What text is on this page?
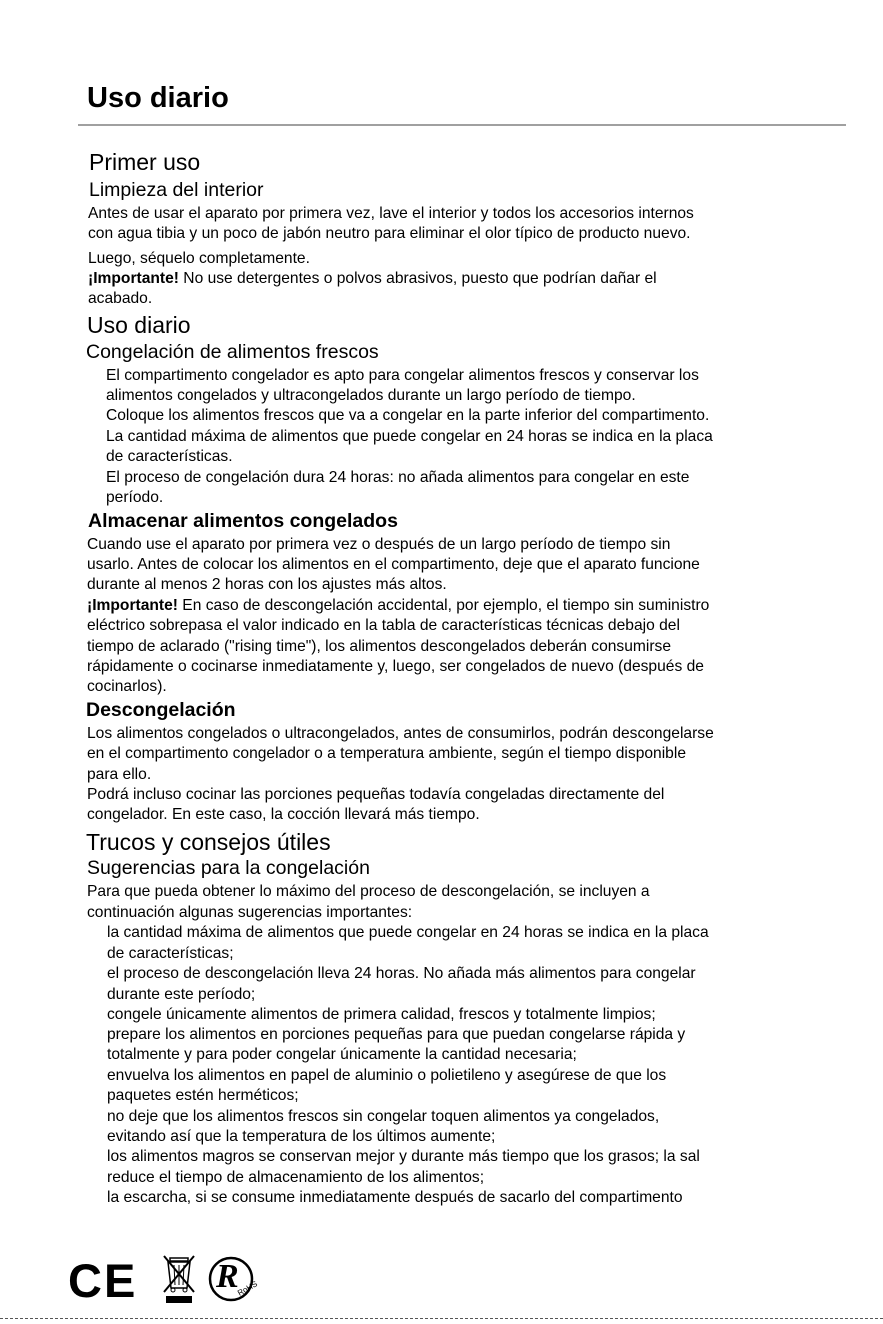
Uso diario
Primer uso
Limpieza del interior
Antes de usar el aparato por primera vez, lave el interior y todos los accesorios internos
con agua tibia y un poco de jabón neutro para eliminar el olor típico de producto nuevo.
Luego, séquelo completamente.
¡Importante! No use detergentes o polvos abrasivos, puesto que podrían dañar el
acabado.
Uso diario
Congelación de alimentos frescos
El compartimento congelador es apto para congelar alimentos frescos y conservar los
alimentos congelados y ultracongelados durante un largo período de tiempo.
Coloque los alimentos frescos que va a congelar en la parte inferior del compartimento.
La cantidad máxima de alimentos que puede congelar en 24 horas se indica en la placa
de características.
El proceso de congelación dura 24 horas: no añada alimentos para congelar en este
período.
Almacenar alimentos congelados
Cuando use el aparato por primera vez o después de un largo período de tiempo sin
usarlo. Antes de colocar los alimentos en el compartimento, deje que el aparato funcione
durante al menos 2 horas con los ajustes más altos.
¡Importante! En caso de descongelación accidental, por ejemplo, el tiempo sin suministro
eléctrico sobrepasa el valor indicado en la tabla de características técnicas debajo del
tiempo de aclarado ("rising time"), los alimentos descongelados deberán consumirse
rápidamente o cocinarse inmediatamente y, luego, ser congelados de nuevo (después de
cocinarlos).
Descongelación
Los alimentos congelados o ultracongelados, antes de consumirlos, podrán descongelarse
en el compartimento congelador o a temperatura ambiente, según el tiempo disponible
para ello.
Podrá incluso cocinar las porciones pequeñas todavía congeladas directamente del
congelador. En este caso, la cocción llevará más tiempo.
Trucos y consejos útiles
Sugerencias para la congelación
Para que pueda obtener lo máximo del proceso de descongelación, se incluyen a
continuación algunas sugerencias importantes:
la cantidad máxima de alimentos que puede congelar en 24 horas se indica en la placa
de características;
el proceso de descongelación lleva 24 horas. No añada más alimentos para congelar
durante este período;
congele únicamente alimentos de primera calidad, frescos y totalmente limpios;
prepare los alimentos en porciones pequeñas para que puedan congelarse rápida y
totalmente y para poder congelar únicamente la cantidad necesaria;
envuelva los alimentos en papel de aluminio o polietileno y asegúrese de que los
paquetes estén herméticos;
no deje que los alimentos frescos sin congelar toquen alimentos ya congelados,
evitando así que la temperatura de los últimos aumente;
los alimentos magros se conservan mejor y durante más tiempo que los grasos; la sal
reduce el tiempo de almacenamiento de los alimentos;
la escarcha, si se consume inmediatamente después de sacarlo del compartimento
CE R
RoHS
